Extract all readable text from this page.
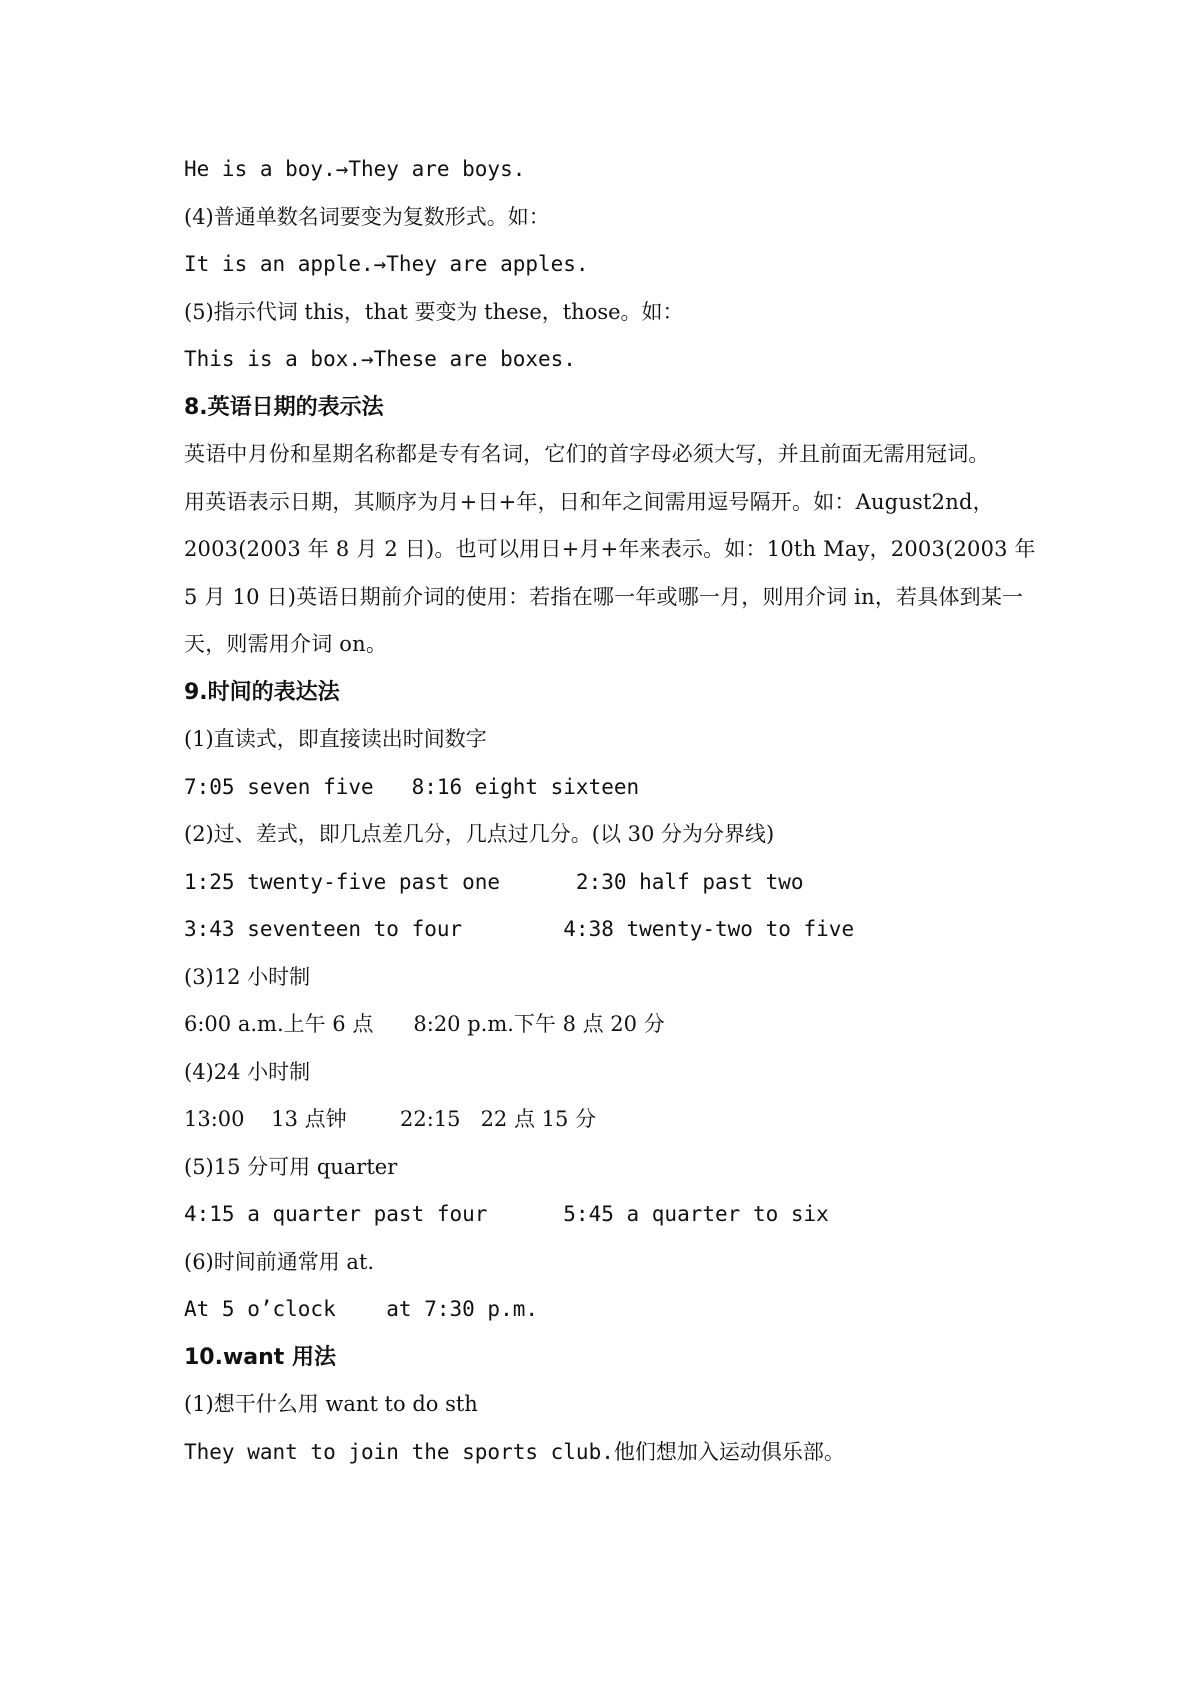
He is a boy.→They are boys.
(4)普通单数名词要变为复数形式。如：
It is an apple.→They are apples.
(5)指示代词 this，that 要变为 these，those。如：
This is a box.→These are boxes.
8.英语日期的表示法
英语中月份和星期名称都是专有名词，它们的首字母必须大写，并且前面无需用冠词。
用英语表示日期，其顺序为月+日+年，日和年之间需用逗号隔开。如：August2nd，2003(2003 年 8 月 2 日)。也可以用日+月+年来表示。如：10th May，2003(2003 年 5 月 10 日)英语日期前介词的使用：若指在哪一年或哪一月，则用介词 in，若具体到某一天，则需用介词 on。
9.时间的表达法
(1)直读式，即直接读出时间数字
7:05 seven five   8:16 eight sixteen
(2)过、差式，即几点差几分，几点过几分。(以 30 分为分界线)
1:25 twenty-five past one      2:30 half past two
3:43 seventeen to four        4:38 twenty-two to five
(3)12 小时制
6:00 a.m.上午 6 点      8:20 p.m.下午 8 点 20 分
(4)24 小时制
13:00    13 点钟        22:15   22 点 15 分
(5)15 分可用 quarter
4:15 a quarter past four      5:45 a quarter to six
(6)时间前通常用 at.
At 5 o’clock    at 7:30 p.m.
10.want 用法
(1)想干什么用 want to do sth
They want to join the sports club.他们想加入运动俱乐部。
